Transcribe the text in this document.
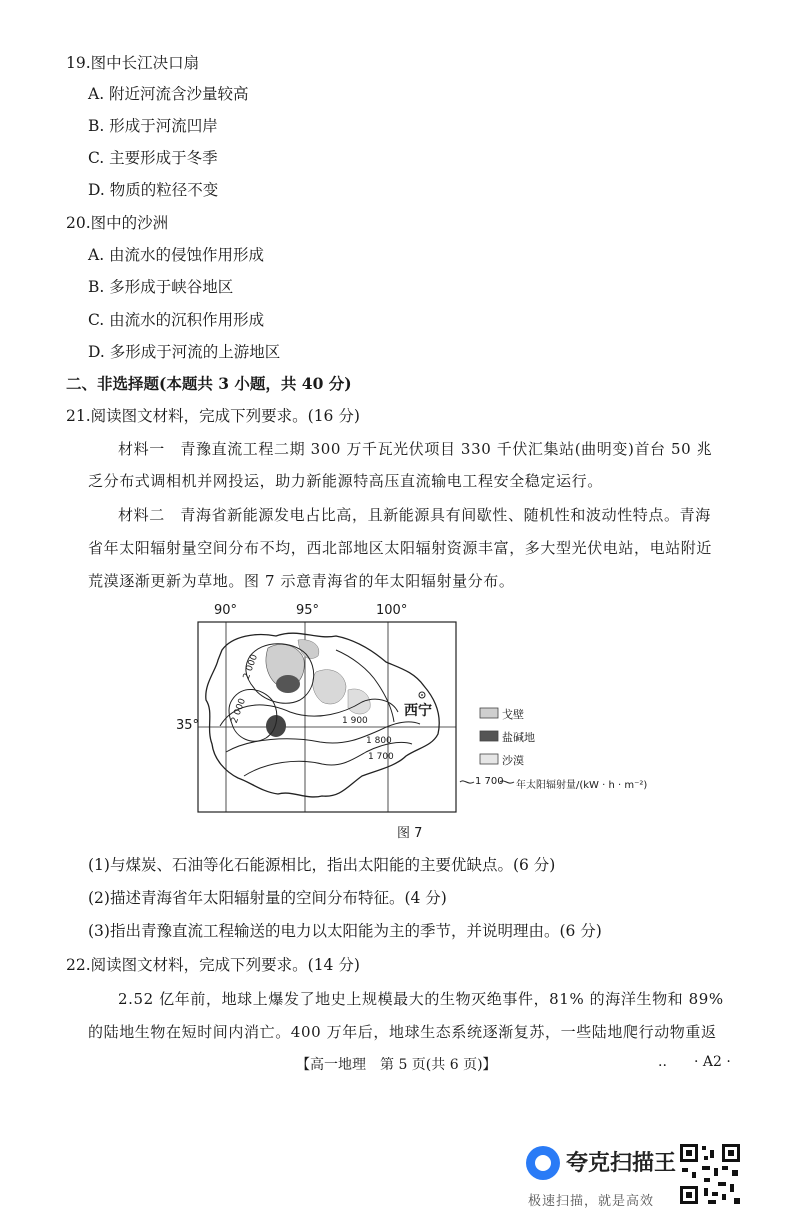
19.图中长江决口扇
A. 附近河流含沙量较高
B. 形成于河流凹岸
C. 主要形成于冬季
D. 物质的粒径不变
20.图中的沙洲
A. 由流水的侵蚀作用形成
B. 多形成于峡谷地区
C. 由流水的沉积作用形成
D. 多形成于河流的上游地区
二、非选择题(本题共 3 小题，共 40 分)
21.阅读图文材料，完成下列要求。(16 分)
材料一　青豫直流工程二期 300 万千瓦光伏项目 330 千伏汇集站(曲明变)首台 50 兆
乏分布式调相机并网投运，助力新能源特高压直流输电工程安全稳定运行。
材料二　青海省新能源发电占比高，且新能源具有间歇性、随机性和波动性特点。青海
省年太阳辐射量空间分布不均，西北部地区太阳辐射资源丰富，多大型光伏电站，电站附近
荒漠逐渐更新为草地。图 7 示意青海省的年太阳辐射量分布。
90°	95°	100°
35°
2 000
2 000	1 900
1 800
1 700
西宁	戈壁
盐碱地
沙漠
1 700 年太阳辐射量/(kW · h · m⁻²)
图 7
(1)与煤炭、石油等化石能源相比，指出太阳能的主要优缺点。(6 分)
(2)描述青海省年太阳辐射量的空间分布特征。(4 分)
(3)指出青豫直流工程输送的电力以太阳能为主的季节，并说明理由。(6 分)
22.阅读图文材料，完成下列要求。(14 分)
2.52 亿年前，地球上爆发了地史上规模最大的生物灭绝事件，81% 的海洋生物和 89%
的陆地生物在短时间内消亡。400 万年后，地球生态系统逐渐复苏，一些陆地爬行动物重返
【高一地理　第 5 页(共 6 页)】	.. · A2 ·
夸克扫描王
极速扫描，就是高效
